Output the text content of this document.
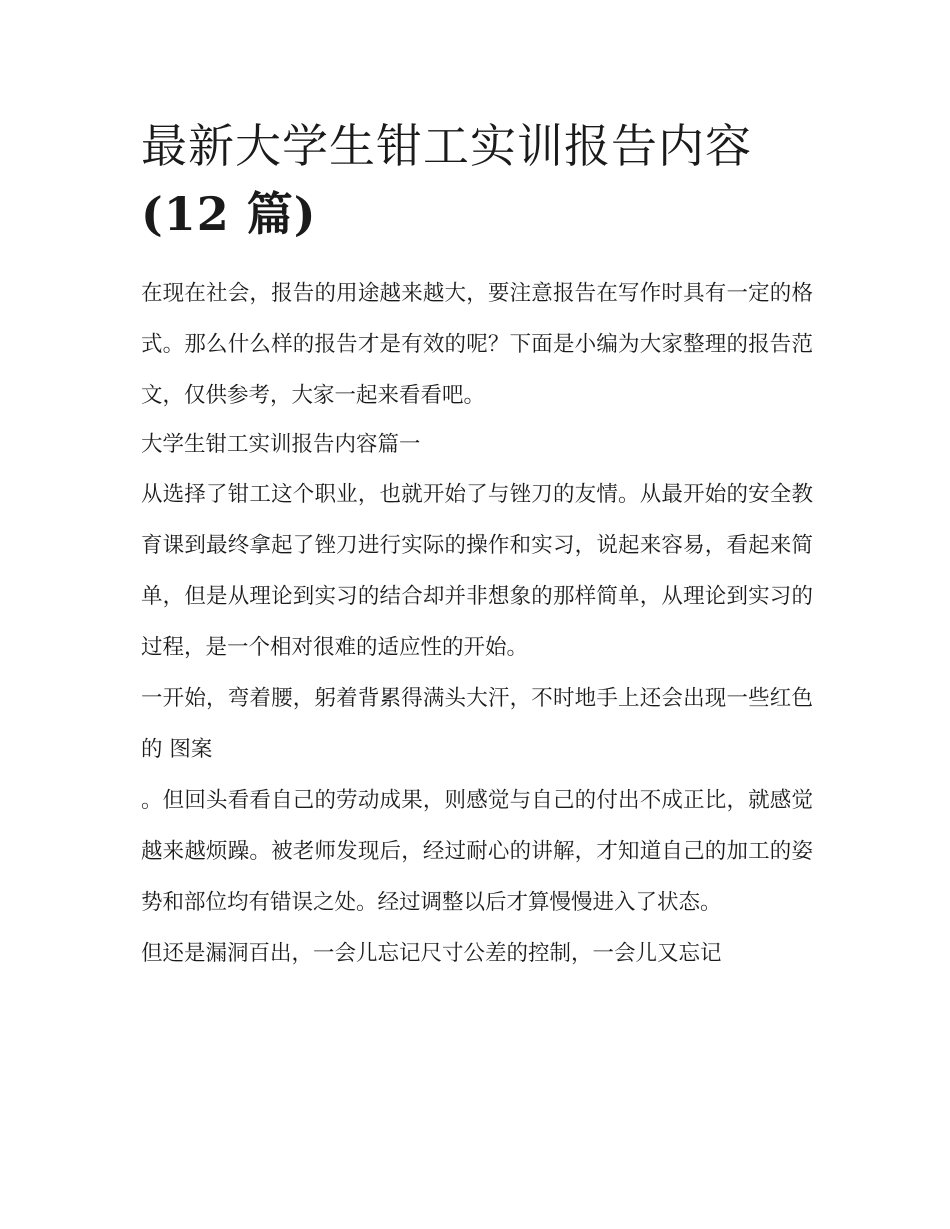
最新大学生钳工实训报告内容
(12 篇)

在现在社会，报告的用途越来越大，要注意报告在写作时具有一定的格式。那么什么样的报告才是有效的呢？下面是小编为大家整理的报告范文，仅供参考，大家一起来看看吧。

大学生钳工实训报告内容篇一

从选择了钳工这个职业，也就开始了与锉刀的友情。从最开始的安全教育课到最终拿起了锉刀进行实际的操作和实习，说起来容易，看起来简单，但是从理论到实习的结合却并非想象的那样简单，从理论到实习的过程，是一个相对很难的适应性的开始。

一开始，弯着腰，躬着背累得满头大汗，不时地手上还会出现一些红色的 图案

。但回头看看自己的劳动成果，则感觉与自己的付出不成正比，就感觉越来越烦躁。被老师发现后，经过耐心的讲解，才知道自己的加工的姿势和部位均有错误之处。经过调整以后才算慢慢进入了状态。

但还是漏洞百出，一会儿忘记尺寸公差的控制，一会儿又忘记
